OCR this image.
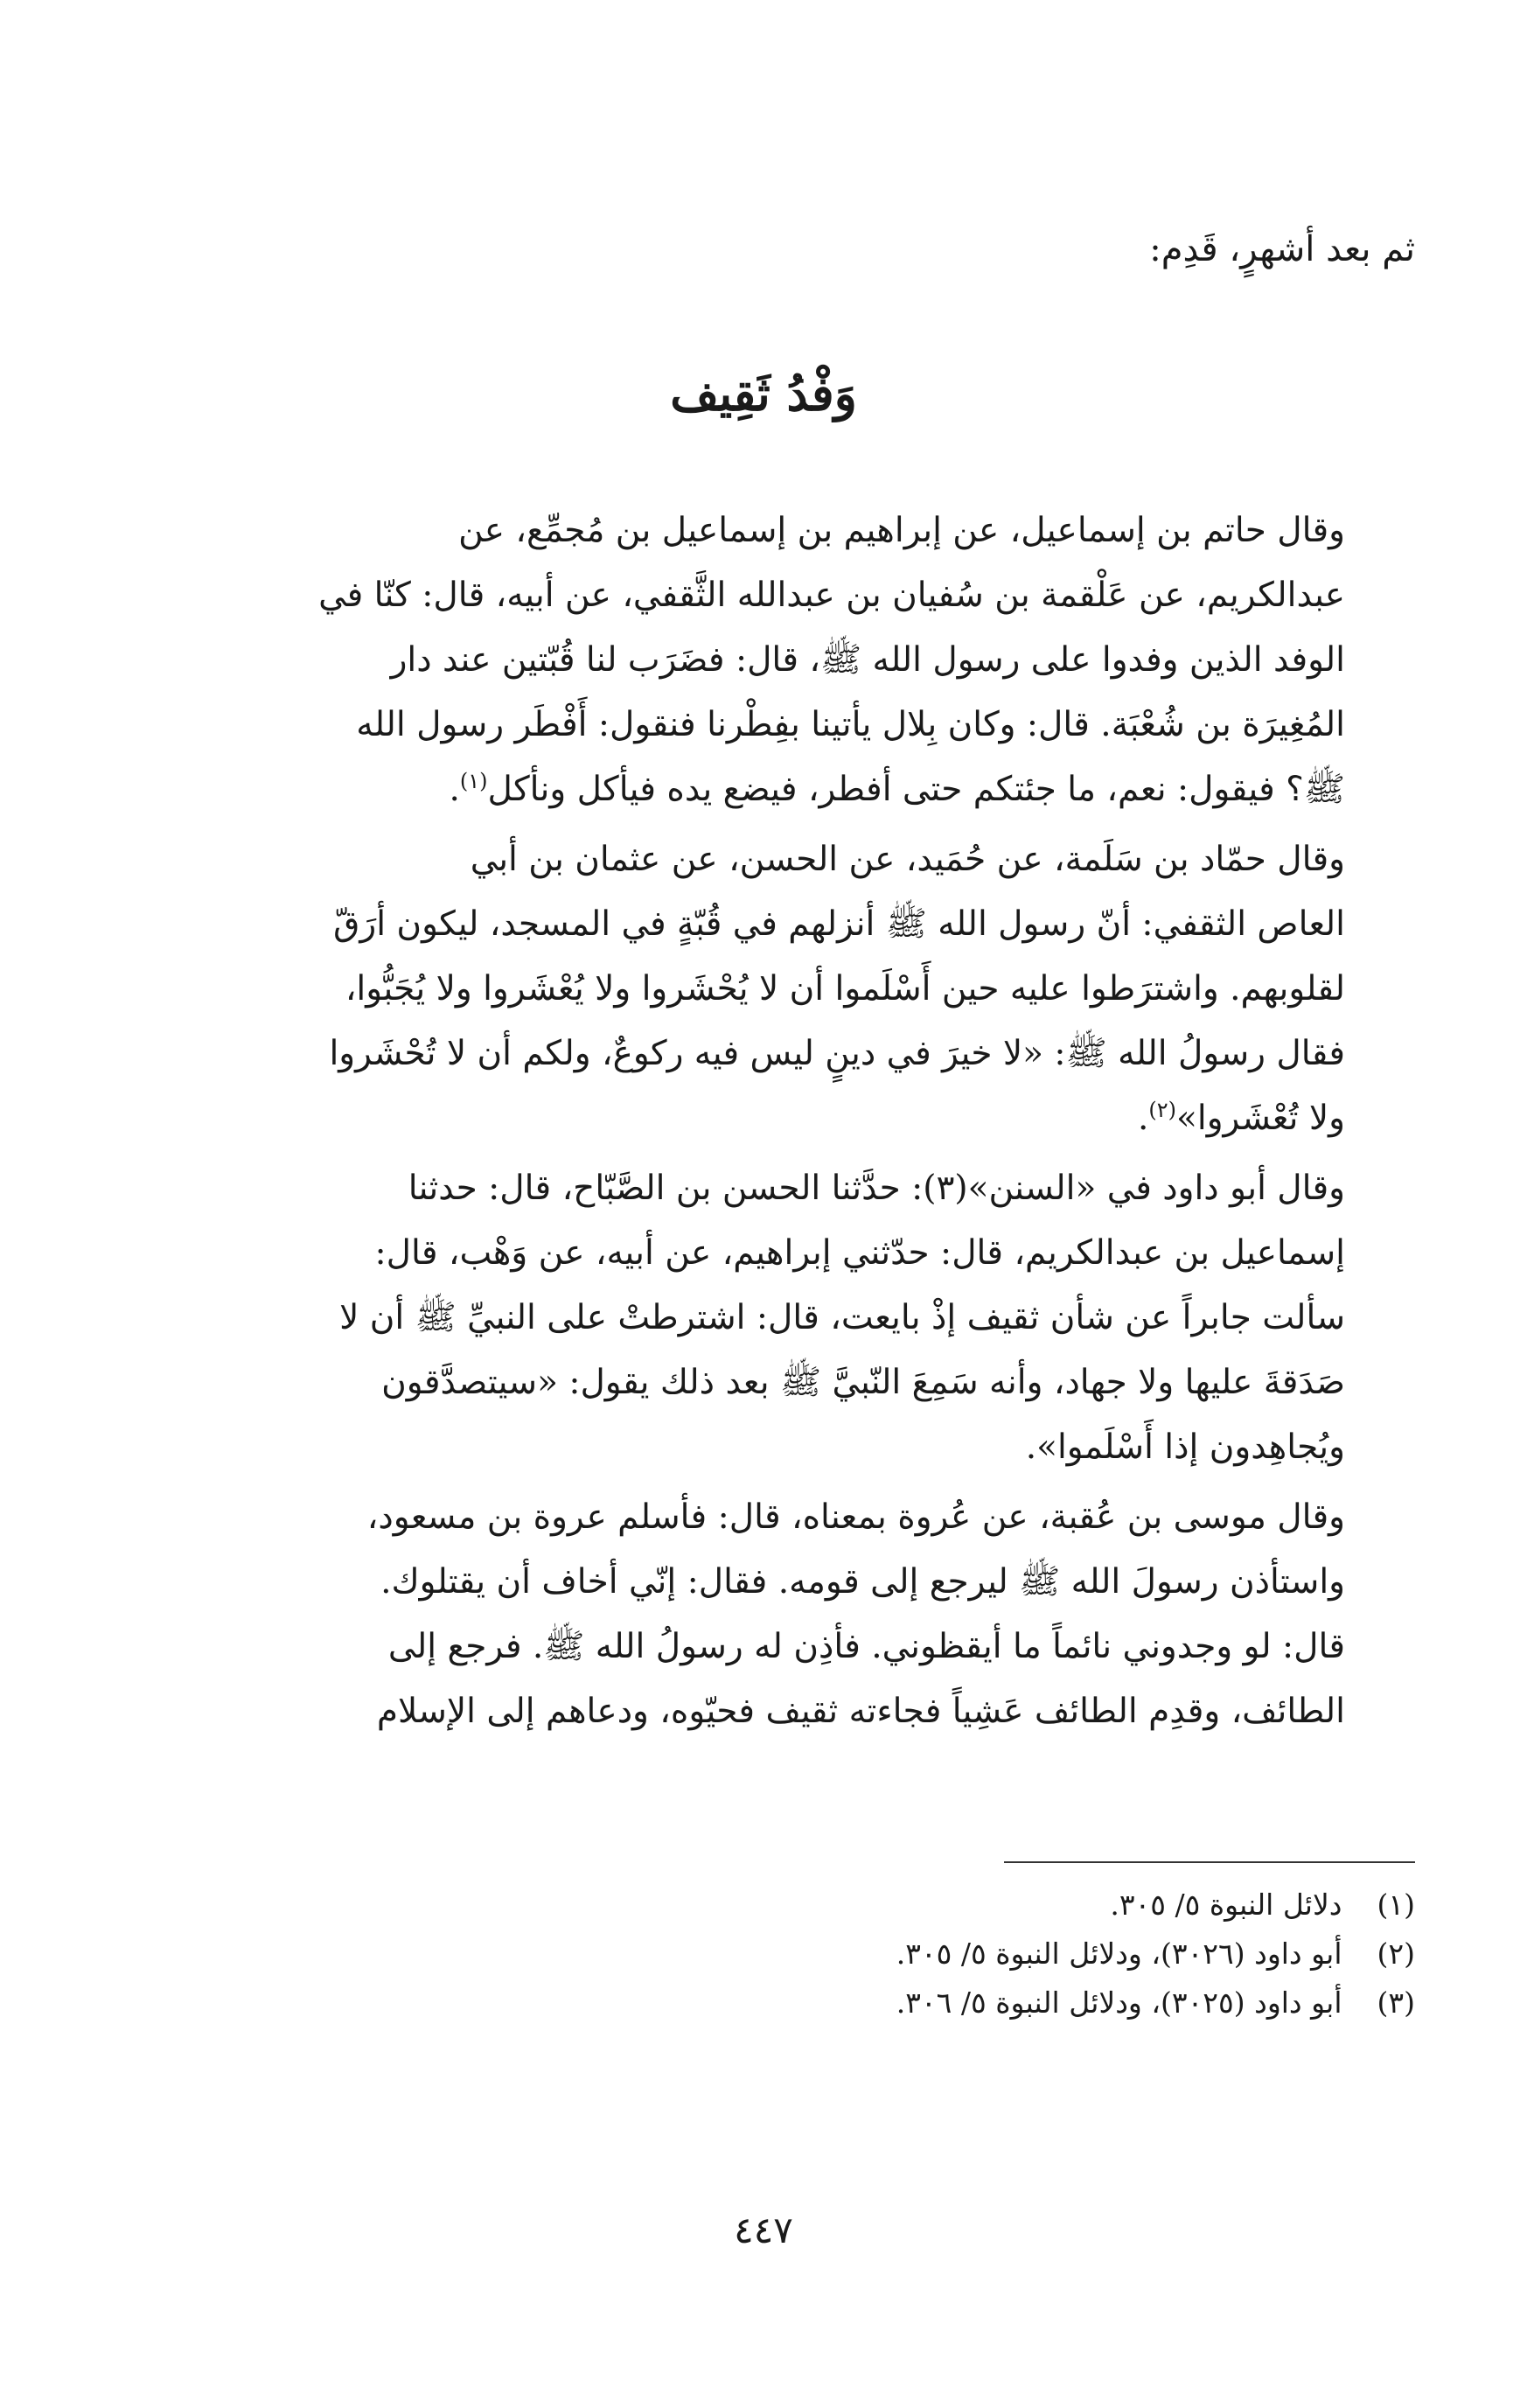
ثم بعد أشهرٍ، قَدِم:
وَفْدُ ثَقِيف

وقال حاتم بن إسماعيل، عن إبراهيم بن إسماعيل بن مُجمِّع، عن
عبدالكريم، عن عَلْقمة بن سُفيان بن عبدالله الثَّقفي، عن أبيه، قال: كنّا في
الوفد الذين وفدوا على رسول الله ﷺ، قال: فضَرَب لنا قُبّتين عند دار
المُغِيرَة بن شُعْبَة. قال: وكان بِلال يأتينا بفِطْرنا فنقول: أَفْطَر رسول الله
ﷺ؟ فيقول: نعم، ما جئتكم حتى أفطر، فيضع يده فيأكل ونأكل$^{(١)}$.

وقال حمّاد بن سَلَمة، عن حُمَيد، عن الحسن، عن عثمان بن أبي
العاص الثقفي: أنّ رسول الله ﷺ أنزلهم في قُبّةٍ في المسجد، ليكون أرَقّ
لقلوبهم. واشترَطوا عليه حين أَسْلَموا أن لا يُحْشَروا ولا يُعْشَروا ولا يُجَبُّوا،
فقال رسولُ الله ﷺ: «لا خيرَ في دينٍ ليس فيه ركوعٌ، ولكم أن لا تُحْشَروا
ولا تُعْشَروا»$^{(٢)}$.

وقال أبو داود في «السنن»(٣): حدَّثنا الحسن بن الصَّبّاح، قال: حدثنا
إسماعيل بن عبدالكريم، قال: حدّثني إبراهيم، عن أبيه، عن وَهْب، قال:
سألت جابراً عن شأن ثقيف إذْ بايعت، قال: اشترطتْ على النبيِّ ﷺ أن لا
صَدَقةَ عليها ولا جهاد، وأنه سَمِعَ النّبيَّ ﷺ بعد ذلك يقول: «سيتصدَّقون
ويُجاهِدون إذا أَسْلَموا».

وقال موسى بن عُقبة، عن عُروة بمعناه، قال: فأسلم عروة بن مسعود،
واستأذن رسولَ الله ﷺ ليرجع إلى قومه. فقال: إنّي أخاف أن يقتلوك.
قال: لو وجدوني نائماً ما أيقظوني. فأذِن له رسولُ الله ﷺ. فرجع إلى
الطائف، وقدِم الطائف عَشِياً فجاءته ثقيف فحيّوه، ودعاهم إلى الإسلام

(١)دلائل النبوة ٥/ ٣٠٥.
(٢)أبو داود (٣٠٢٦)، ودلائل النبوة ٥/ ٣٠٥.
(٣)أبو داود (٣٠٢٥)، ودلائل النبوة ٥/ ٣٠٦.
٤٤٧
